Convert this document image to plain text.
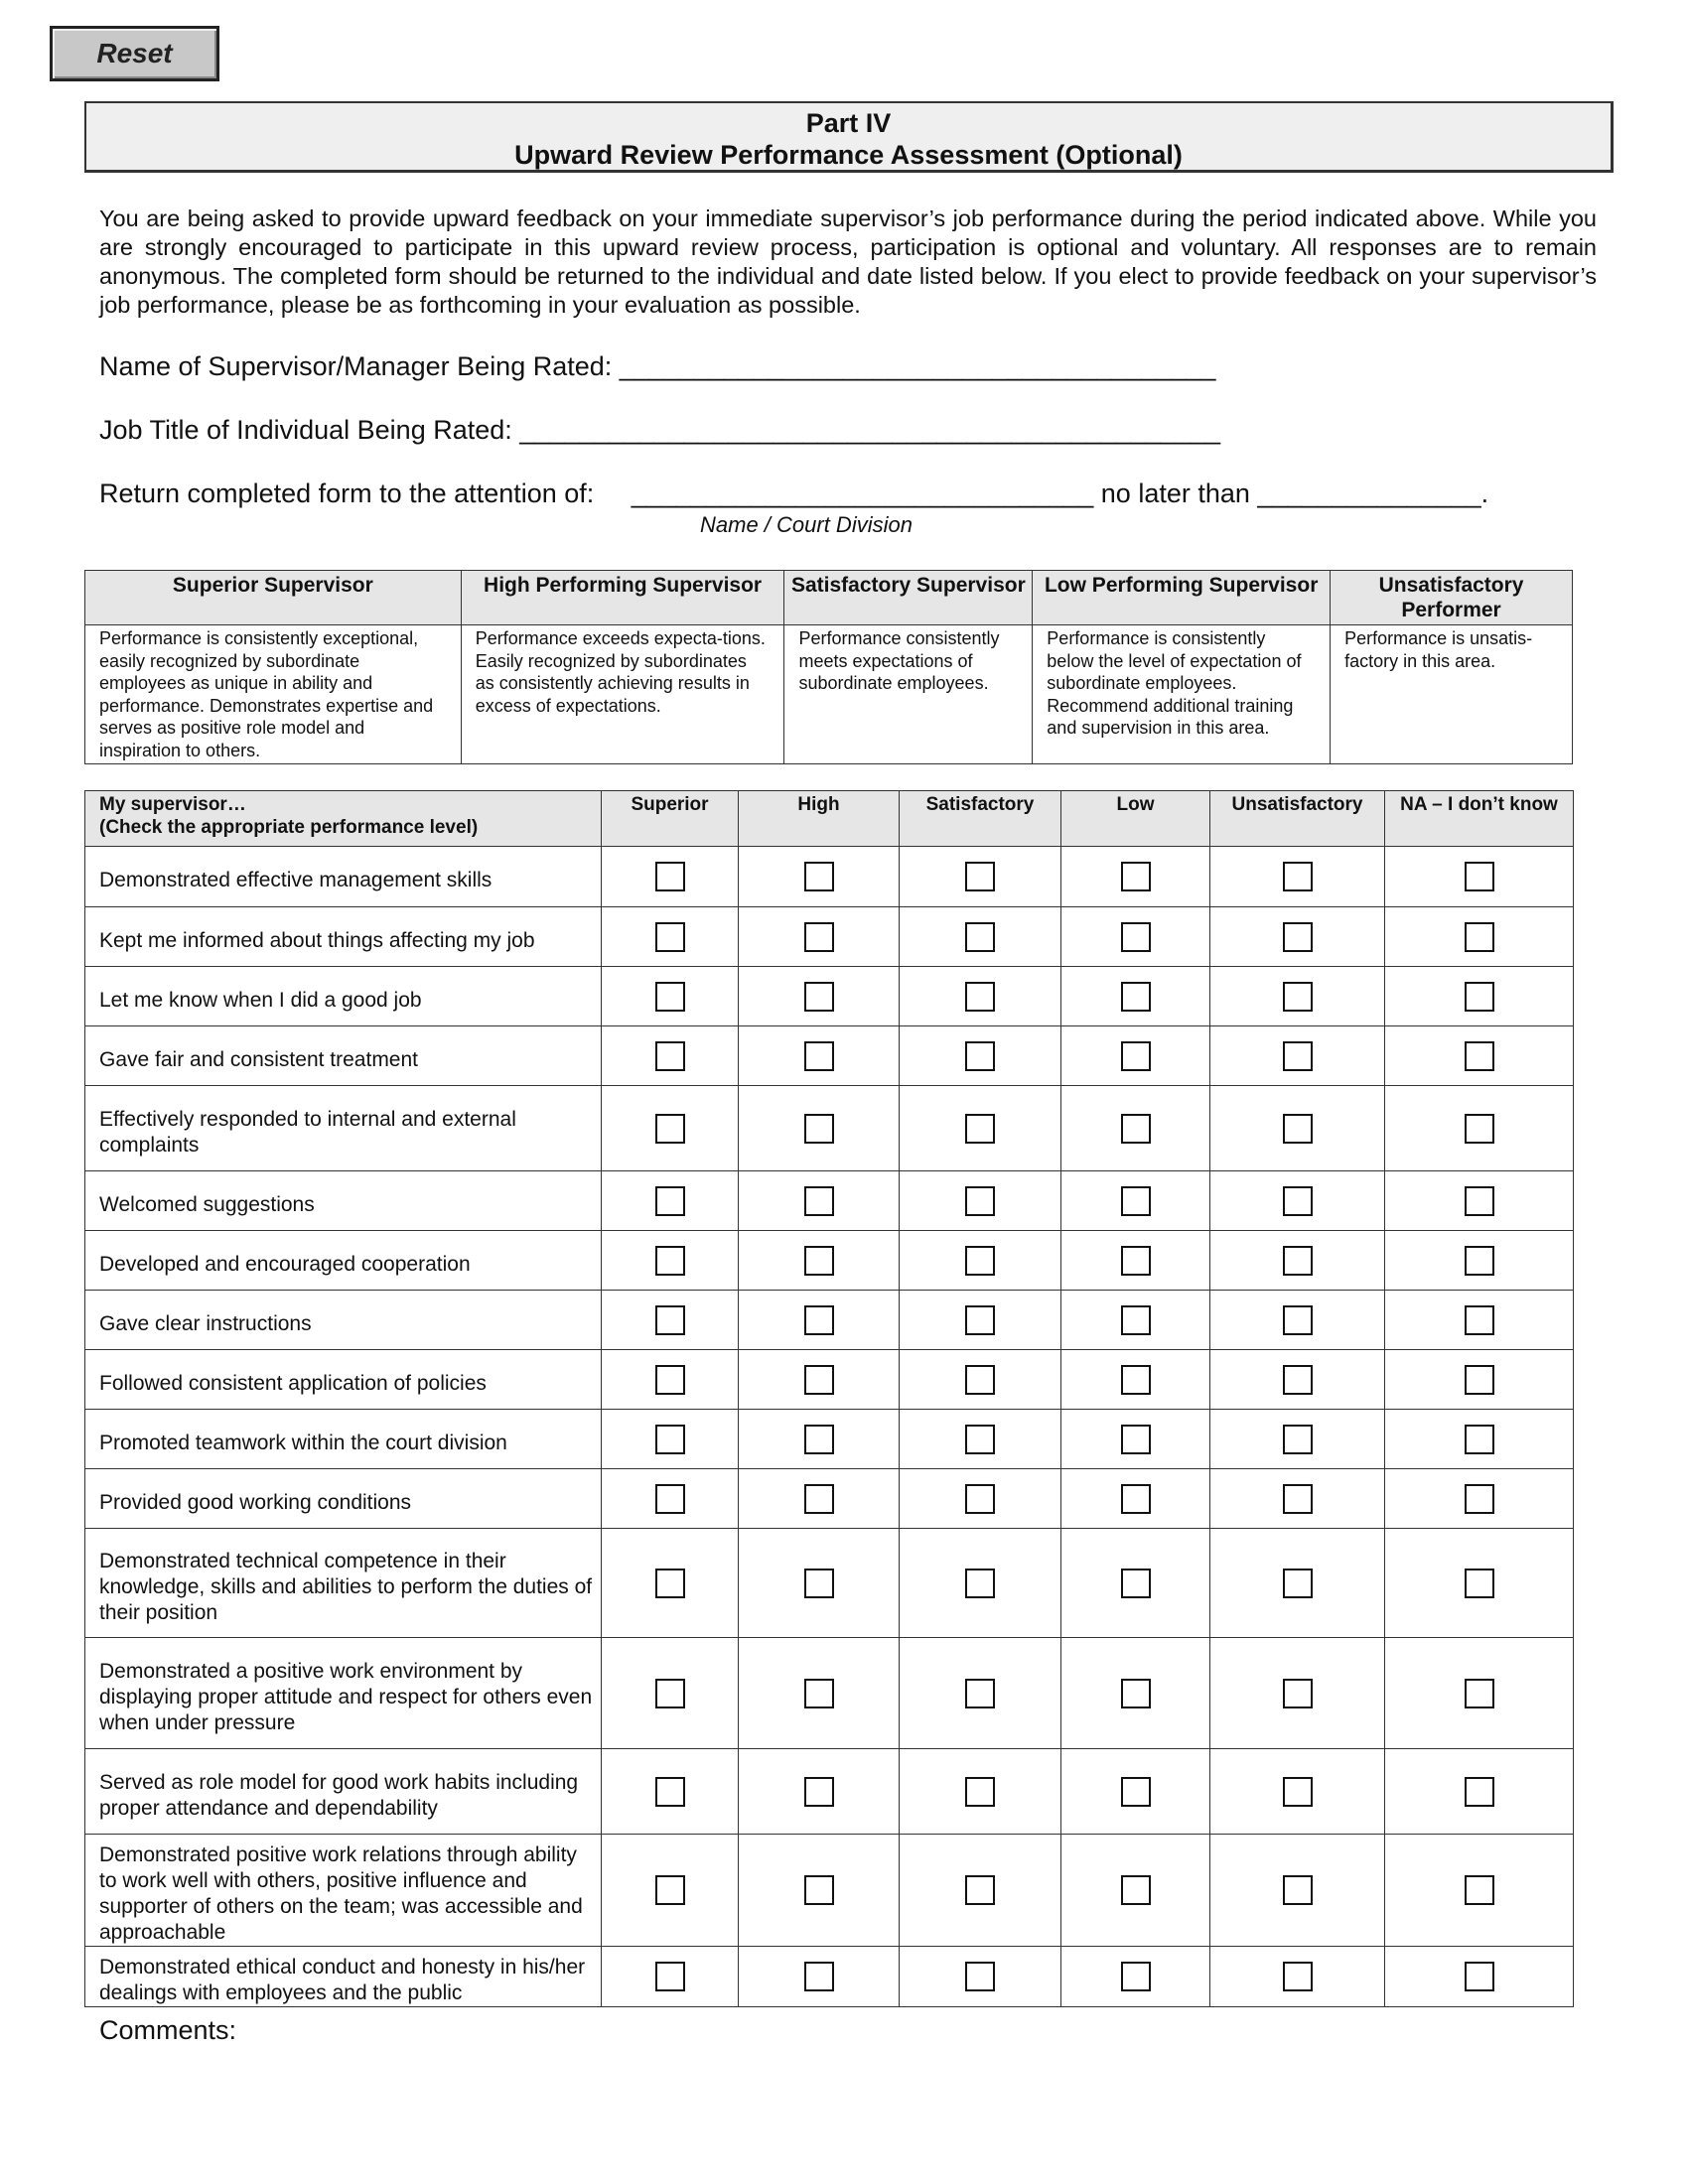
Reset
Part IV
Upward Review Performance Assessment (Optional)

You are being asked to provide upward feedback on your immediate supervisor’s job performance during the period indicated above. While you are strongly encouraged to participate in this upward review process, participation is optional and voluntary. All responses are to remain anonymous. The completed form should be returned to the individual and date listed below. If you elect to provide feedback on your supervisor’s job performance, please be as forthcoming in your evaluation as possible.

Name of Supervisor/Manager Being Rated: ________________________________________
Job Title of Individual Being Rated: _______________________________________________
Return completed form to the attention of:     _______________________________ no later than _______________.
Name / Court Division
Superior Supervisor	High Performing Supervisor	Satisfactory Supervisor	Low Performing Supervisor	Unsatisfactory Performer
Performance is consistently exceptional, easily recognized by subordinate employees as unique in ability and performance. Demonstrates expertise and serves as positive role model and inspiration to others.	Performance exceeds expecta-tions. Easily recognized by subordinates as consistently achieving results in excess of expectations.	Performance consistently meets expectations of subordinate employees.	Performance is consistently below the level of expectation of subordinate employees. Recommend additional training and supervision in this area.	Performance is unsatis-factory in this area.
My supervisor…
(Check the appropriate performance level)	Superior	High	Satisfactory	Low	Unsatisfactory	NA – I don’t know

Demonstrated effective management skills						

Kept me informed about things affecting my job						

Let me know when I did a good job						

Gave fair and consistent treatment						

Effectively responded to internal and external complaints						

Welcomed suggestions						

Developed and encouraged cooperation						

Gave clear instructions						

Followed consistent application of policies						

Promoted teamwork within the court division						

Provided good working conditions						

Demonstrated technical competence in their knowledge, skills and abilities to perform the duties of their position						

Demonstrated a positive work environment by displaying proper attitude and respect for others even when under pressure						

Served as role model for good work habits including proper attendance and dependability						

Demonstrated positive work relations through ability to work well with others, positive influence and supporter of others on the team; was accessible and approachable						

Demonstrated ethical conduct and honesty in his/her dealings with employees and the public						

Comments:
